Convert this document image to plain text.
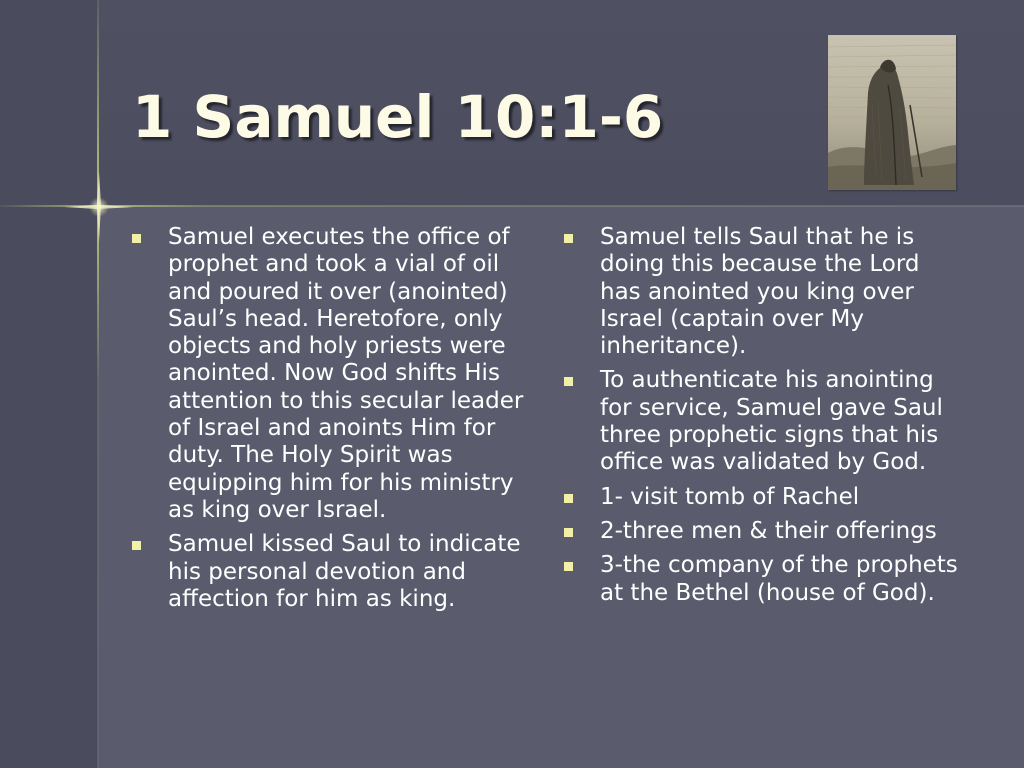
1 Samuel 10:1-6
Samuel executes the office of prophet and took a vial of oil and poured it over (anointed) Saul’s head. Heretofore, only objects and holy priests were anointed. Now God shifts His attention to this secular leader of Israel and anoints Him for duty. The Holy Spirit was equipping him for his ministry as king over Israel.
Samuel kissed Saul to indicate his personal devotion and affection for him as king.
Samuel tells Saul that he is doing this because the Lord has anointed you king over Israel (captain over My inheritance).
To authenticate his anointing for service, Samuel gave Saul three prophetic signs that his office was validated by God.
1- visit tomb of Rachel
2-three men & their offerings
3-the company of the prophets at the Bethel (house of God).
